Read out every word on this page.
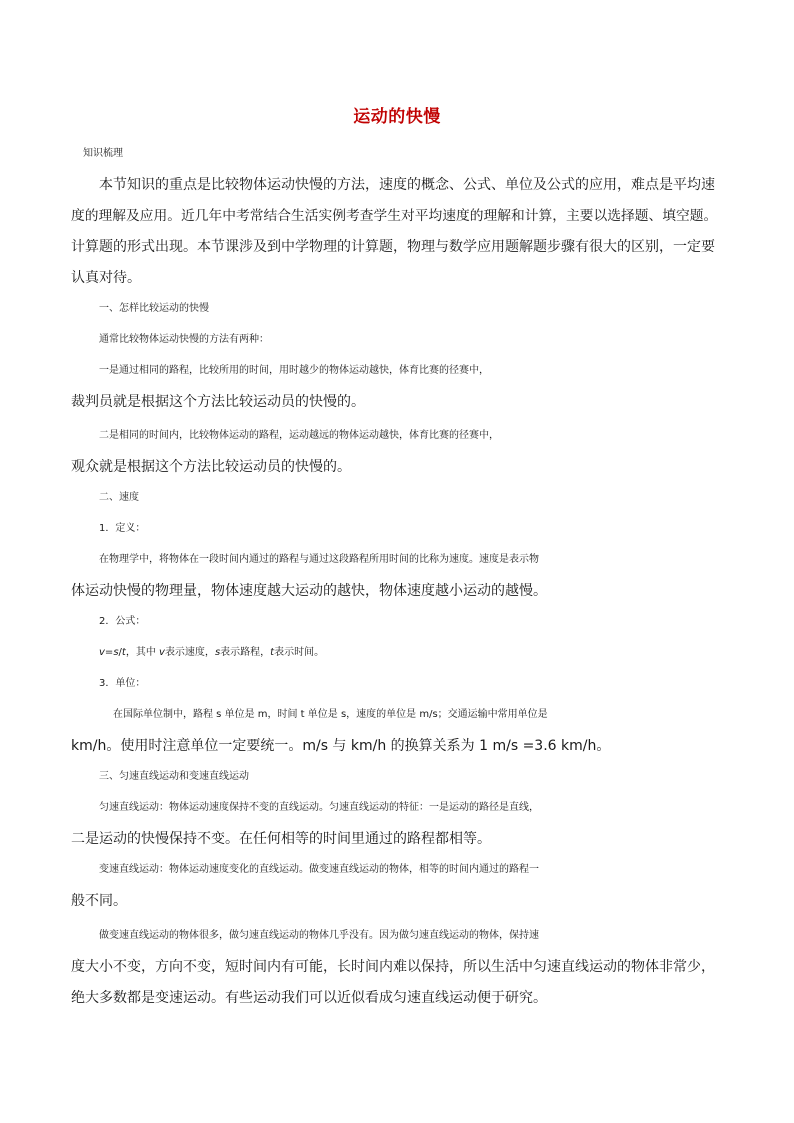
运动的快慢

知识梳理

本节知识的重点是比较物体运动快慢的方法，速度的概念、公式、单位及公式的应用，难点是平均速

度的理解及应用。近几年中考常结合生活实例考查学生对平均速度的理解和计算，主要以选择题、填空题。

计算题的形式出现。本节课涉及到中学物理的计算题，物理与数学应用题解题步骤有很大的区别，一定要

认真对待。

一、怎样比较运动的快慢

通常比较物体运动快慢的方法有两种：

一是通过相同的路程，比较所用的时间，用时越少的物体运动越快，体育比赛的径赛中，

裁判员就是根据这个方法比较运动员的快慢的。

二是相同的时间内，比较物体运动的路程，运动越远的物体运动越快，体育比赛的径赛中，

观众就是根据这个方法比较运动员的快慢的。

二、速度

1．定义：

在物理学中，将物体在一段时间内通过的路程与通过这段路程所用时间的比称为速度。速度是表示物

体运动快慢的物理量，物体速度越大运动的越快，物体速度越小运动的越慢。

2．公式：

v=s/t，其中 v表示速度，s表示路程，t表示时间。

3．单位：

在国际单位制中，路程 s 单位是 m，时间 t 单位是 s，速度的单位是 m/s；交通运输中常用单位是

km/h。使用时注意单位一定要统一。m/s 与 km/h 的换算关系为 1 m/s =3.6 km/h。

三、匀速直线运动和变速直线运动

匀速直线运动：物体运动速度保持不变的直线运动。匀速直线运动的特征：一是运动的路径是直线，

二是运动的快慢保持不变。在任何相等的时间里通过的路程都相等。

变速直线运动：物体运动速度变化的直线运动。做变速直线运动的物体，相等的时间内通过的路程一

般不同。

做变速直线运动的物体很多，做匀速直线运动的物体几乎没有。因为做匀速直线运动的物体，保持速

度大小不变，方向不变，短时间内有可能，长时间内难以保持，所以生活中匀速直线运动的物体非常少，

绝大多数都是变速运动。有些运动我们可以近似看成匀速直线运动便于研究。
